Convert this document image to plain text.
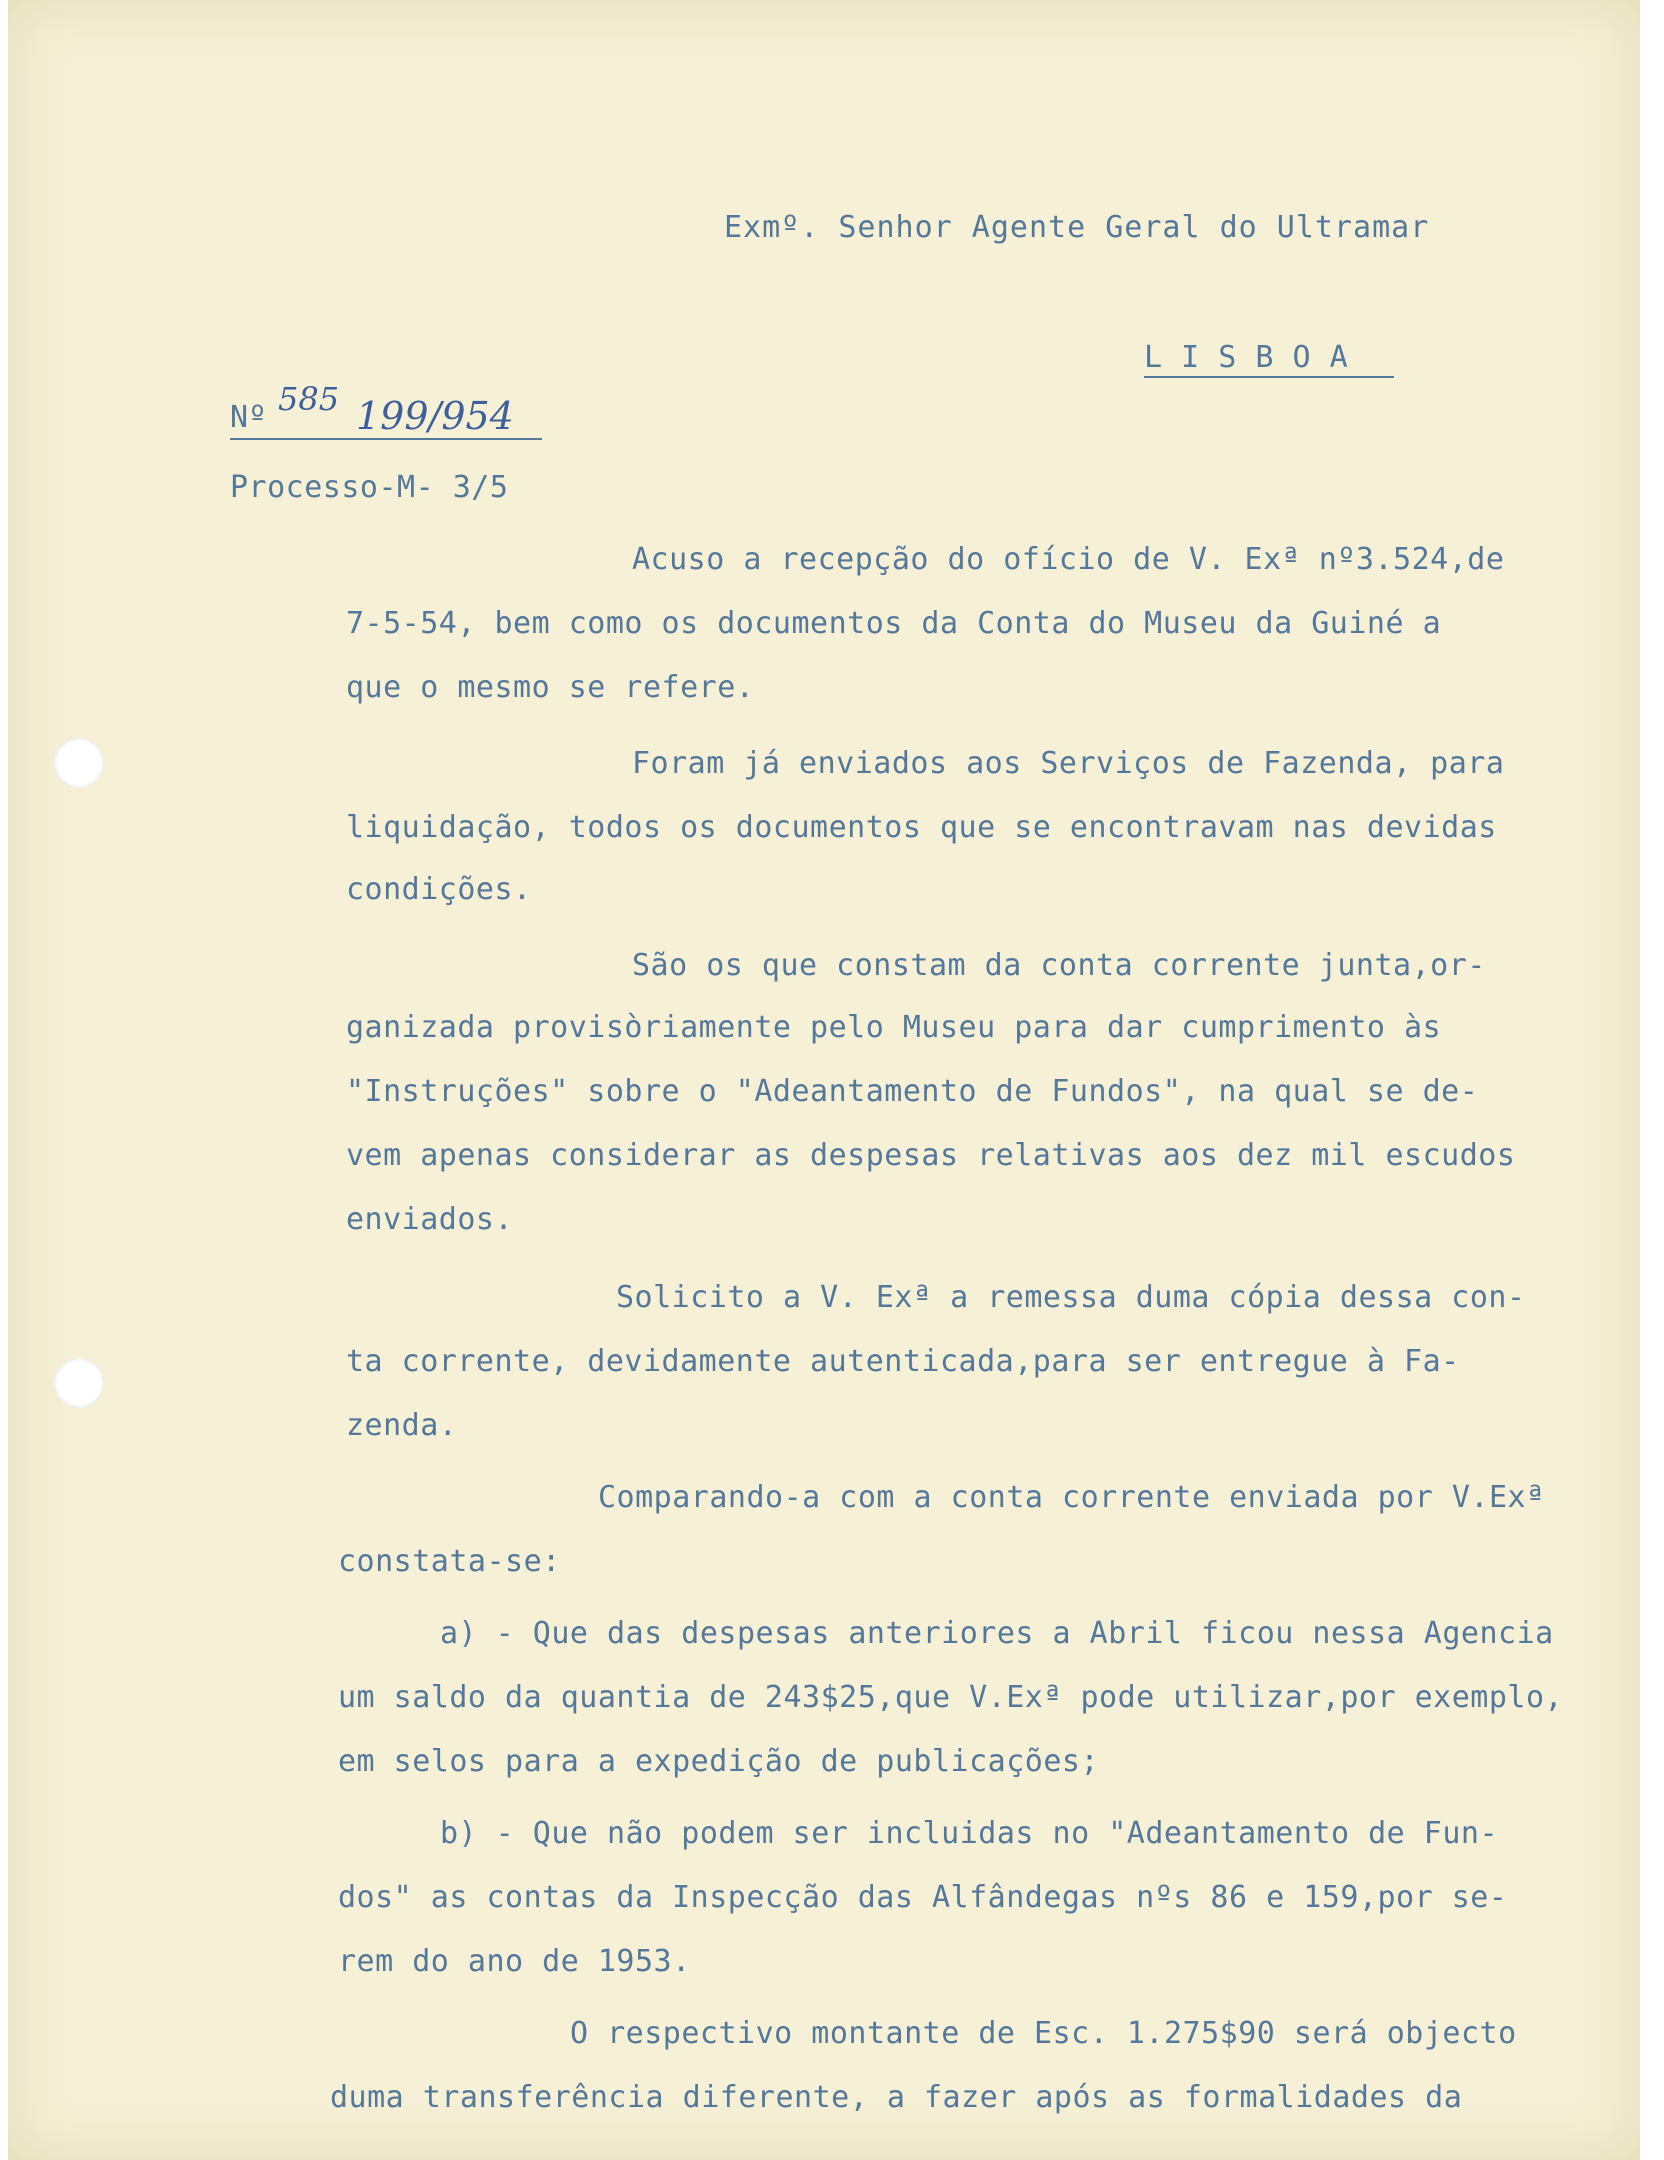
Exmº. Senhor Agente Geral do Ultramar
L I S B O A
Nº 585 199/954
Processo-M- 3/5
Acuso a recepção do ofício de V. Exª nº3.524,de
7-5-54, bem como os documentos da Conta do Museu da Guiné a
que o mesmo se refere.
Foram já enviados aos Serviços de Fazenda, para
liquidação, todos os documentos que se encontravam nas devidas
condições.
São os que constam da conta corrente junta,or-
ganizada provisòriamente pelo Museu para dar cumprimento às
"Instruções" sobre o "Adeantamento de Fundos", na qual se de-
vem apenas considerar as despesas relativas aos dez mil escudos
enviados.
Solicito a V. Exª a remessa duma cópia dessa con-
ta corrente, devidamente autenticada,para ser entregue à Fa-
zenda.
Comparando-a com a conta corrente enviada por V.Exª
constata-se:
a) - Que das despesas anteriores a Abril ficou nessa Agencia
um saldo da quantia de 243$25,que V.Exª pode utilizar,por exemplo,
em selos para a expedição de publicações;
b) - Que não podem ser incluidas no "Adeantamento de Fun-
dos" as contas da Inspecção das Alfândegas nºs 86 e 159,por se-
rem do ano de 1953.
O respectivo montante de Esc. 1.275$90 será objecto
duma transferência diferente, a fazer após as formalidades da
